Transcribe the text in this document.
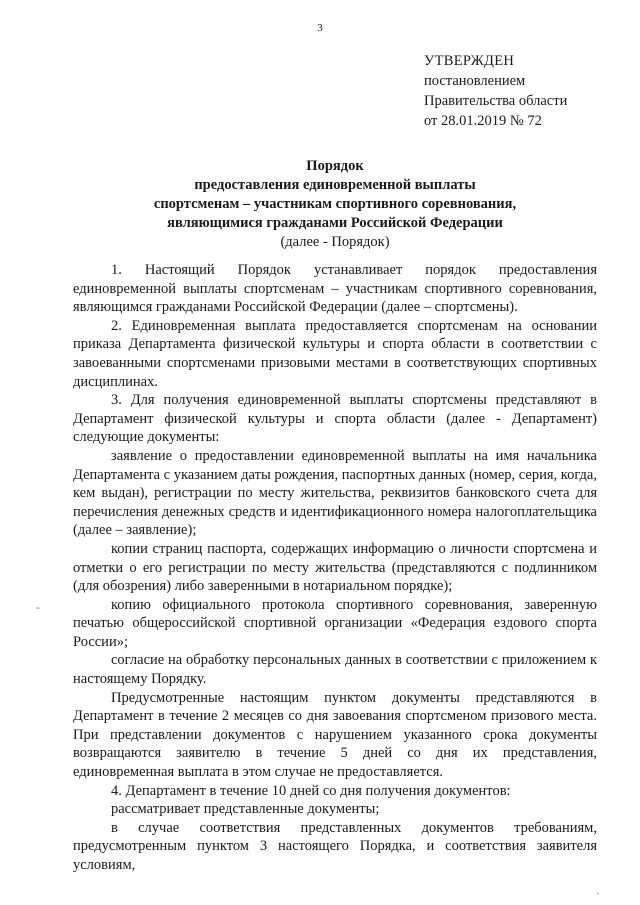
3
УТВЕРЖДЕН
постановлением
Правительства области
от 28.01.2019 № 72
Порядок
предоставления единовременной выплаты
спортсменам – участникам спортивного соревнования,
являющимися гражданами Российской Федерации
(далее - Порядок)

1. Настоящий Порядок устанавливает порядок предоставления единовременной выплаты спортсменам – участникам спортивного соревнования, являющимся гражданами Российской Федерации (далее – спортсмены).

2. Единовременная выплата предоставляется спортсменам на основании приказа Департамента физической культуры и спорта области в соответствии с завоеванными спортсменами призовыми местами в соответствующих спортивных дисциплинах.

3. Для получения единовременной выплаты спортсмены представляют в Департамент физической культуры и спорта области (далее - Департамент) следующие документы:

заявление о предоставлении единовременной выплаты на имя начальника Департамента с указанием даты рождения, паспортных данных (номер, серия, когда, кем выдан), регистрации по месту жительства, реквизитов банковского счета для перечисления денежных средств и идентификационного номера налогоплательщика (далее – заявление);

копии страниц паспорта, содержащих информацию о личности спортсмена и отметки о его регистрации по месту жительства (представляются с подлинником (для обозрения) либо заверенными в нотариальном порядке);

копию официального протокола спортивного соревнования, заверенную печатью общероссийской спортивной организации «Федерация ездового спорта России»;

согласие на обработку персональных данных в соответствии с приложением к настоящему Порядку.

Предусмотренные настоящим пунктом документы представляются в Департамент в течение 2 месяцев со дня завоевания спортсменом призового места. При представлении документов с нарушением указанного срока документы возвращаются заявителю в течение 5 дней со дня их представления, единовременная выплата в этом случае не предоставляется.

4. Департамент в течение 10 дней со дня получения документов:

рассматривает представленные документы;

в случае соответствия представленных документов требованиям, предусмотренным пунктом 3 настоящего Порядка, и соответствия заявителя условиям,

‑
·
